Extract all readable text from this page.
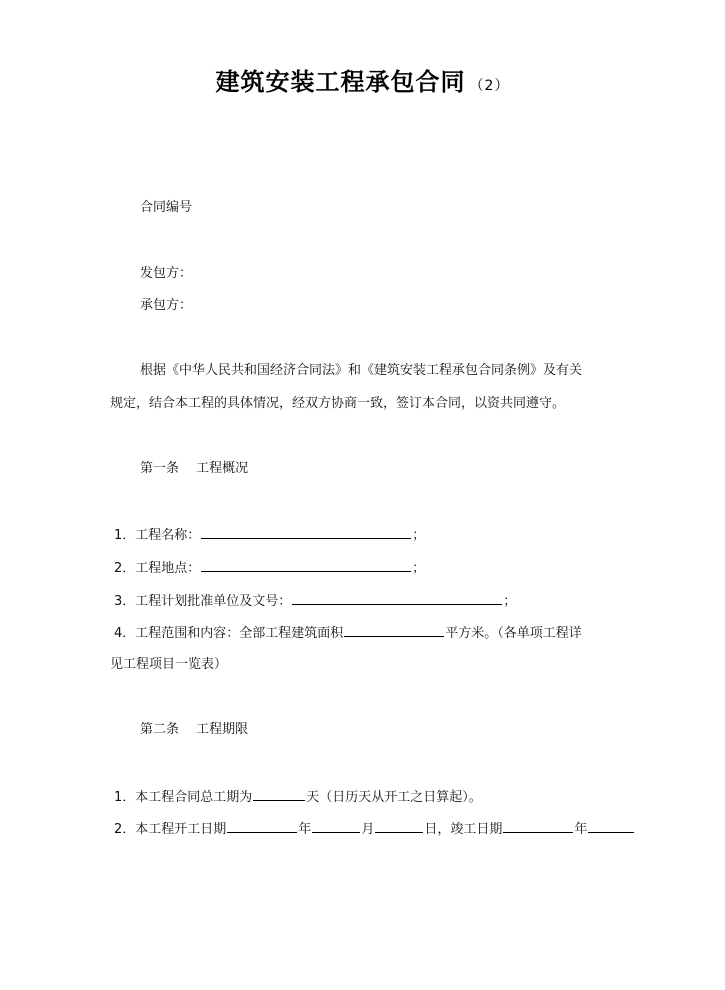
建筑安装工程承包合同 （2）
合同编号
发包方：
承包方：
根据《中华人民共和国经济合同法》和《建筑安装工程承包合同条例》及有关
规定，结合本工程的具体情况，经双方协商一致，签订本合同，以资共同遵守。
第一条　 工程概况
1．工程名称：	；
2．工程地点：	；
3．工程计划批准单位及文号：	；
4．工程范围和内容：全部工程建筑面积	平方米。（各单项工程详
见工程项目一览表）
第二条　 工程期限
1．本工程合同总工期为	天（日历天从开工之日算起）。
2．本工程开工日期	年	月	日，竣工日期	年
